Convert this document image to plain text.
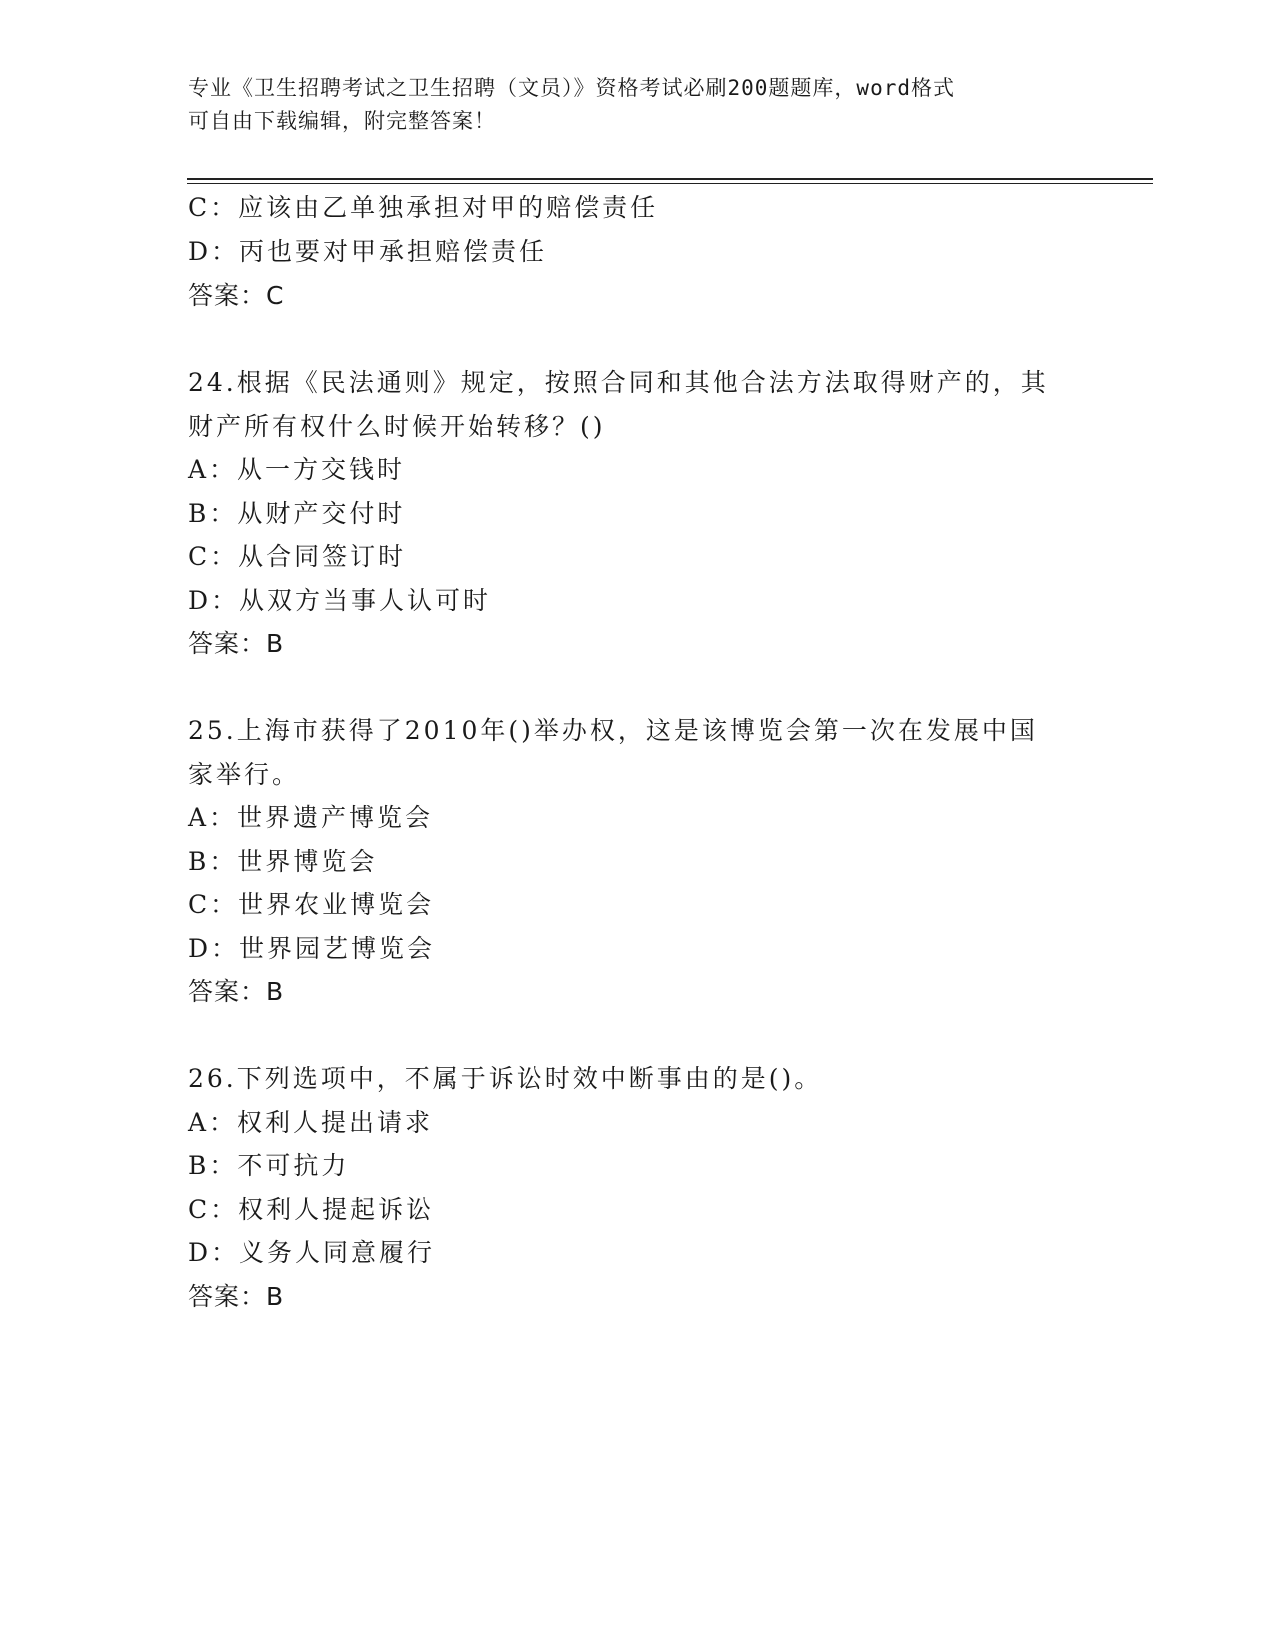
专业《卫生招聘考试之卫生招聘（文员）》资格考试必刷200题题库，word格式
可自由下载编辑，附完整答案！
C：应该由乙单独承担对甲的赔偿责任
D：丙也要对甲承担赔偿责任
答案：C
24.根据《民法通则》规定，按照合同和其他合法方法取得财产的，其
财产所有权什么时候开始转移？()
A：从一方交钱时
B：从财产交付时
C：从合同签订时
D：从双方当事人认可时
答案：B
25.上海市获得了2010年()举办权，这是该博览会第一次在发展中国
家举行。
A：世界遗产博览会
B：世界博览会
C：世界农业博览会
D：世界园艺博览会
答案：B
26.下列选项中，不属于诉讼时效中断事由的是()。
A：权利人提出请求
B：不可抗力
C：权利人提起诉讼
D：义务人同意履行
答案：B
